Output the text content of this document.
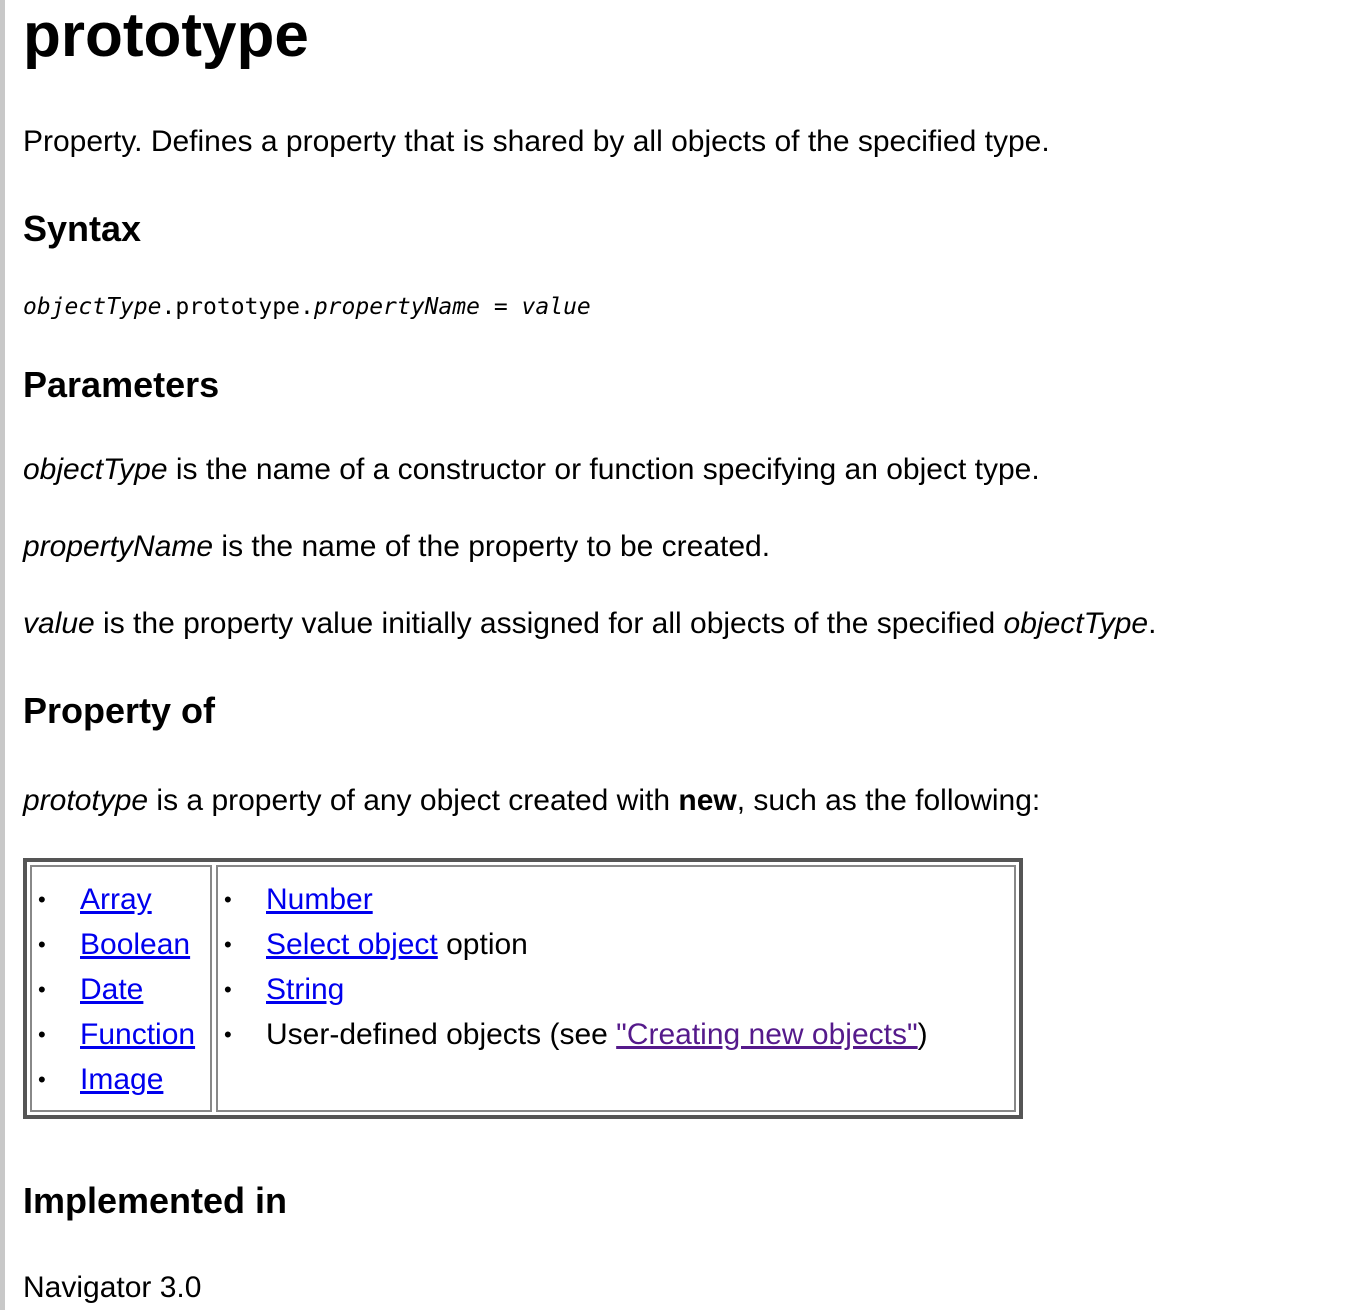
prototype

Property. Defines a property that is shared by all objects of the specified type.

Syntax
objectType.prototype.propertyName = value
Parameters

objectType is the name of a constructor or function specifying an object type.

propertyName is the name of the property to be created.

value is the property value initially assigned for all objects of the specified objectType.

Property of

prototype is a property of any object created with new, such as the following:

•	Array
•	Boolean
•	Date
•	Function
•	Image
•	Number
•	Select object option
•	String
•	User-defined objects (see "Creating new objects" )
Implemented in

Navigator 3.0
